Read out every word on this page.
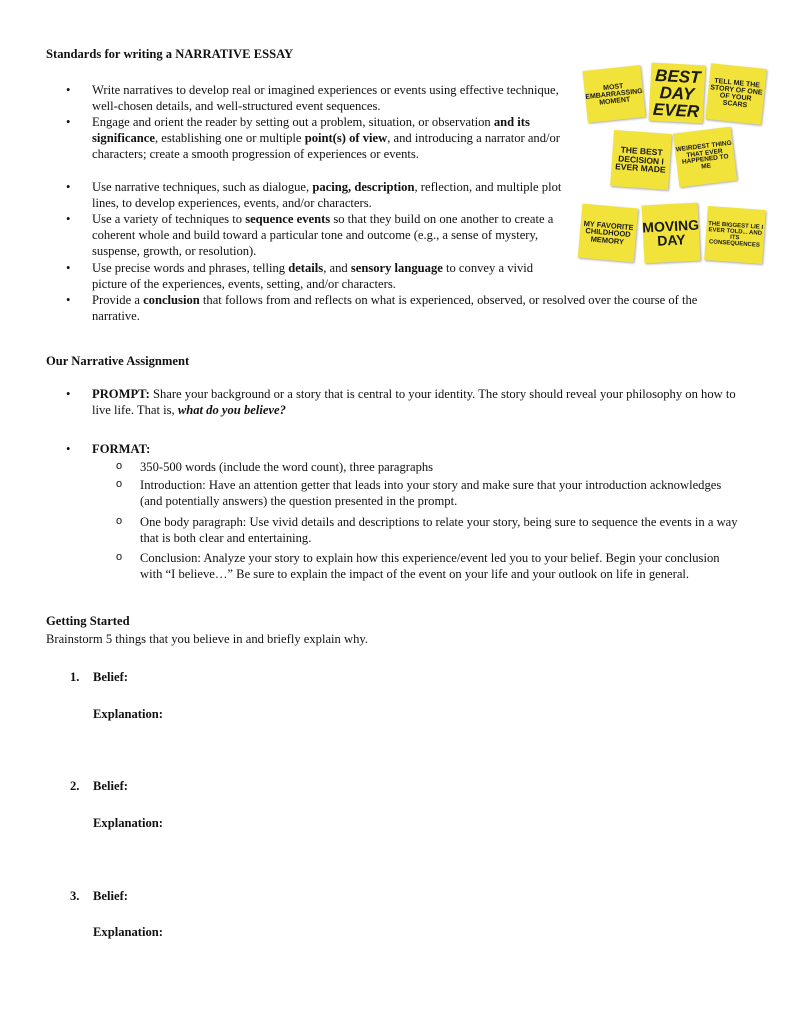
Standards for writing a NARRATIVE ESSAY
Write narratives to develop real or imagined experiences or events using effective technique, well-chosen details, and well-structured event sequences.
Engage and orient the reader by setting out a problem, situation, or observation and its significance, establishing one or multiple point(s) of view, and introducing a narrator and/or characters; create a smooth progression of experiences or events.
Use narrative techniques, such as dialogue, pacing, description, reflection, and multiple plot lines, to develop experiences, events, and/or characters.
Use a variety of techniques to sequence events so that they build on one another to create a coherent whole and build toward a particular tone and outcome (e.g., a sense of mystery, suspense, growth, or resolution).
Use precise words and phrases, telling details, and sensory language to convey a vivid picture of the experiences, events, setting, and/or characters.
Provide a conclusion that follows from and reflects on what is experienced, observed, or resolved over the course of the narrative.
MOST EMBARRASSING MOMENT
BEST DAY EVER
TELL ME THE STORY OF ONE OF YOUR SCARS
THE BEST DECISION I EVER MADE
WEIRDEST THING THAT EVER HAPPENED TO ME
MY FAVORITE CHILDHOOD MEMORY
MOVING DAY
THE BIGGEST LIE I EVER TOLD... AND ITS CONSEQUENCES
Our Narrative Assignment
PROMPT: Share your background or a story that is central to your identity. The story should reveal your philosophy on how to live life. That is, what do you believe?
FORMAT:
350-500 words (include the word count), three paragraphs
Introduction: Have an attention getter that leads into your story and make sure that your introduction acknowledges (and potentially answers) the question presented in the prompt.
One body paragraph: Use vivid details and descriptions to relate your story, being sure to sequence the events in a way that is both clear and entertaining.
Conclusion: Analyze your story to explain how this experience/event led you to your belief. Begin your conclusion with “I believe…” Be sure to explain the impact of the event on your life and your outlook on life in general.
Getting Started
Brainstorm 5 things that you believe in and briefly explain why.
1. Belief:
Explanation:
2. Belief:
Explanation:
3. Belief:
Explanation:
